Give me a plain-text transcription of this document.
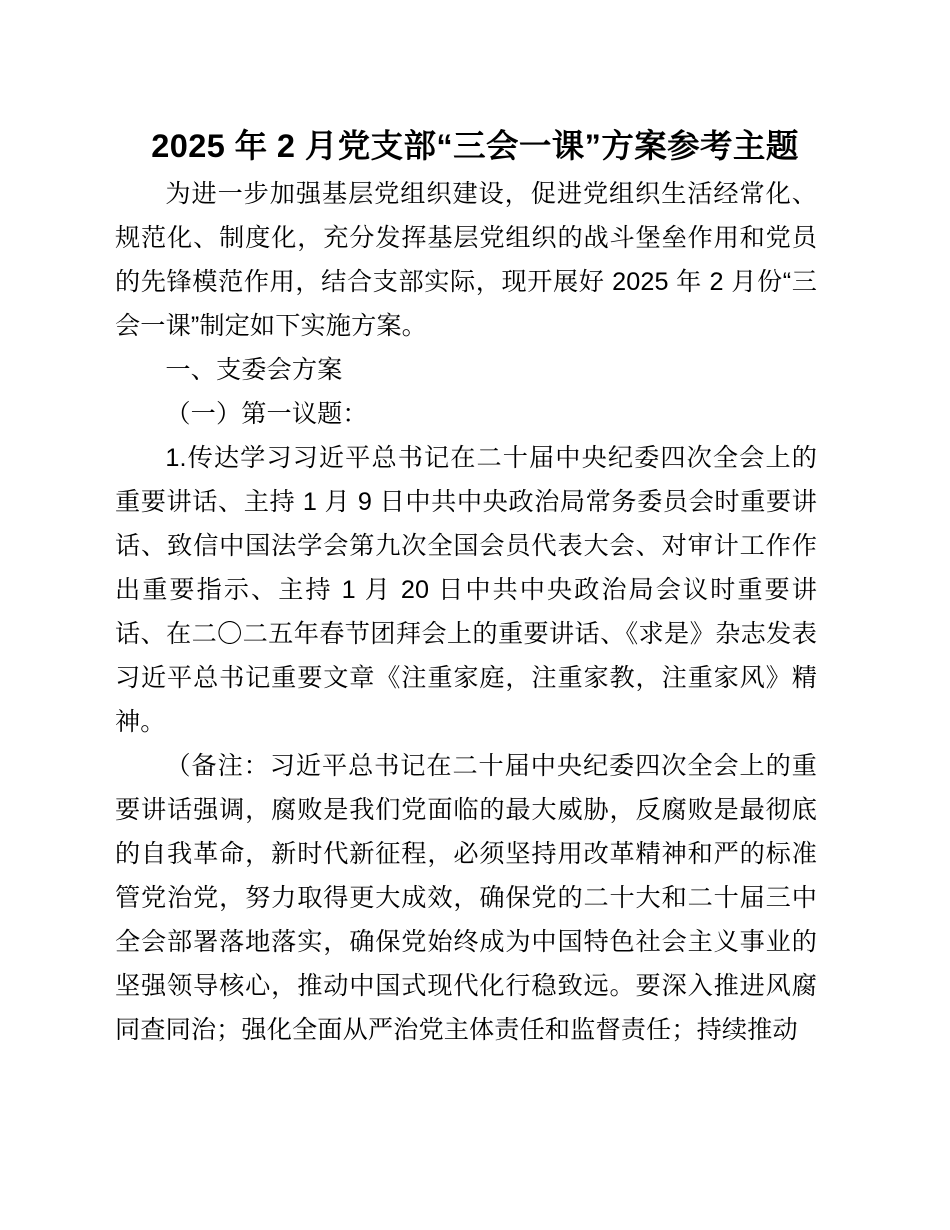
2025 年 2 月党支部“三会一课”方案参考主题

为进一步加强基层党组织建设，促进党组织生活经常化、规范化、制度化，充分发挥基层党组织的战斗堡垒作用和党员的先锋模范作用，结合支部实际，现开展好 2025 年 2 月份“三会一课”制定如下实施方案。

一、支委会方案

（一）第一议题：

1.传达学习习近平总书记在二十届中央纪委四次全会上的重要讲话、主持 1 月 9 日中共中央政治局常务委员会时重要讲话、致信中国法学会第九次全国会员代表大会、对审计工作作出重要指示、主持 1 月 20 日中共中央政治局会议时重要讲话、在二〇二五年春节团拜会上的重要讲话、《求是》杂志发表习近平总书记重要文章《注重家庭，注重家教，注重家风》精神。

（备注：习近平总书记在二十届中央纪委四次全会上的重要讲话强调，腐败是我们党面临的最大威胁，反腐败是最彻底的自我革命，新时代新征程，必须坚持用改革精神和严的标准管党治党，努力取得更大成效，确保党的二十大和二十届三中全会部署落地落实，确保党始终成为中国特色社会主义事业的坚强领导核心，推动中国式现代化行稳致远。要深入推进风腐同查同治；强化全面从严治党主体责任和监督责任；持续推动
